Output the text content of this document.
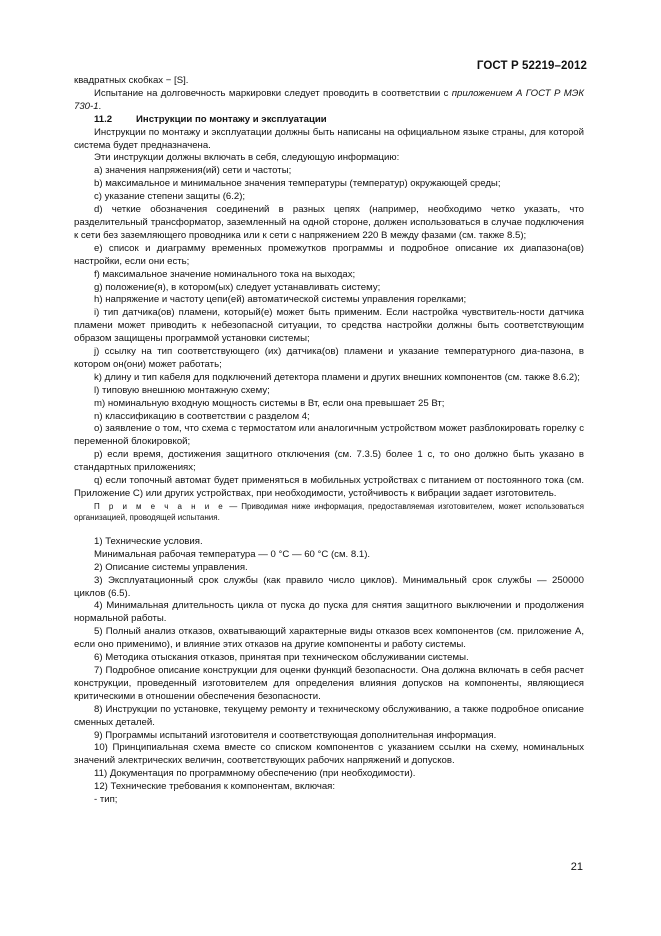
ГОСТ Р 52219–2012

квадратных скобках − [S].

Испытание на долговечность маркировки следует проводить в соответствии с приложением А ГОСТ Р МЭК 730-1.

11.2 Инструкции по монтажу и эксплуатации

Инструкции по монтажу и эксплуатации должны быть написаны на официальном языке страны, для которой система будет предназначена.

Эти инструкции должны включать в себя, следующую информацию:

a) значения напряжения(ий) сети и частоты;

b) максимальное и минимальное значения температуры (температур) окружающей среды;

c) указание степени защиты (6.2);

d) четкие обозначения соединений в разных цепях (например, необходимо четко указать, что разделительный трансформатор, заземленный на одной стороне, должен использоваться в случае подключения к сети без заземляющего проводника или к сети с напряжением 220 В между фазами (см. также 8.5);

e) список и диаграмму временных промежутков программы и подробное описание их диапазона(ов) настройки, если они есть;

f) максимальное значение номинального тока на выходах;

g) положение(я), в котором(ых) следует устанавливать систему;

h) напряжение и частоту цепи(ей) автоматической системы управления горелками;

i) тип датчика(ов) пламени, который(е) может быть применим. Если настройка чувствитель-ности датчика пламени может приводить к небезопасной ситуации, то средства настройки должны быть соответствующим образом защищены программой установки системы;

j) ссылку на тип соответствующего (их) датчика(ов) пламени и указание температурного диа-пазона, в котором он(они) может работать;

k) длину и тип кабеля для подключений детектора пламени и других внешних компонентов (см. также 8.6.2);

l) типовую внешнюю монтажную схему;

m) номинальную входную мощность системы в Вт, если она превышает 25 Вт;

n) классификацию в соответствии с разделом 4;

o) заявление о том, что схема с термостатом или аналогичным устройством может разблокировать горелку с переменной блокировкой;

p) если время, достижения защитного отключения (см. 7.3.5) более 1 с, то оно должно быть указано в стандартных приложениях;

q) если топочный автомат будет применяться в мобильных устройствах с питанием от постоянного тока (см. Приложение С) или других устройствах, при необходимости, устойчивость к вибрации задает изготовитель.

П р и м е ч а н и е — Приводимая ниже информация, предоставляемая изготовителем, может использоваться организацией, проводящей испытания.

1) Технические условия.

Минимальная рабочая температура — 0 °С — 60 °С (см. 8.1).

2) Описание системы управления.

3) Эксплуатационный срок службы (как правило число циклов). Минимальный срок службы — 250000 циклов (6.5).

4) Минимальная длительность цикла от пуска до пуска для снятия защитного выключении и продолжения нормальной работы.

5) Полный анализ отказов, охватывающий характерные виды отказов всех компонентов (см. приложение А, если оно применимо), и влияние этих отказов на другие компоненты и работу системы.

6) Методика отыскания отказов, принятая при техническом обслуживании системы.

7) Подробное описание конструкции для оценки функций безопасности. Она должна включать в себя расчет конструкции, проведенный изготовителем для определения влияния допусков на компоненты, являющиеся критическими в отношении обеспечения безопасности.

8) Инструкции по установке, текущему ремонту и техническому обслуживанию, а также подробное описание сменных деталей.

9) Программы испытаний изготовителя и соответствующая дополнительная информация.

10) Принципиальная схема вместе со списком компонентов с указанием ссылки на схему, номинальных значений электрических величин, соответствующих рабочих напряжений и допусков.

11) Документация по программному обеспечению (при необходимости).

12) Технические требования к компонентам, включая:

- тип;

21
